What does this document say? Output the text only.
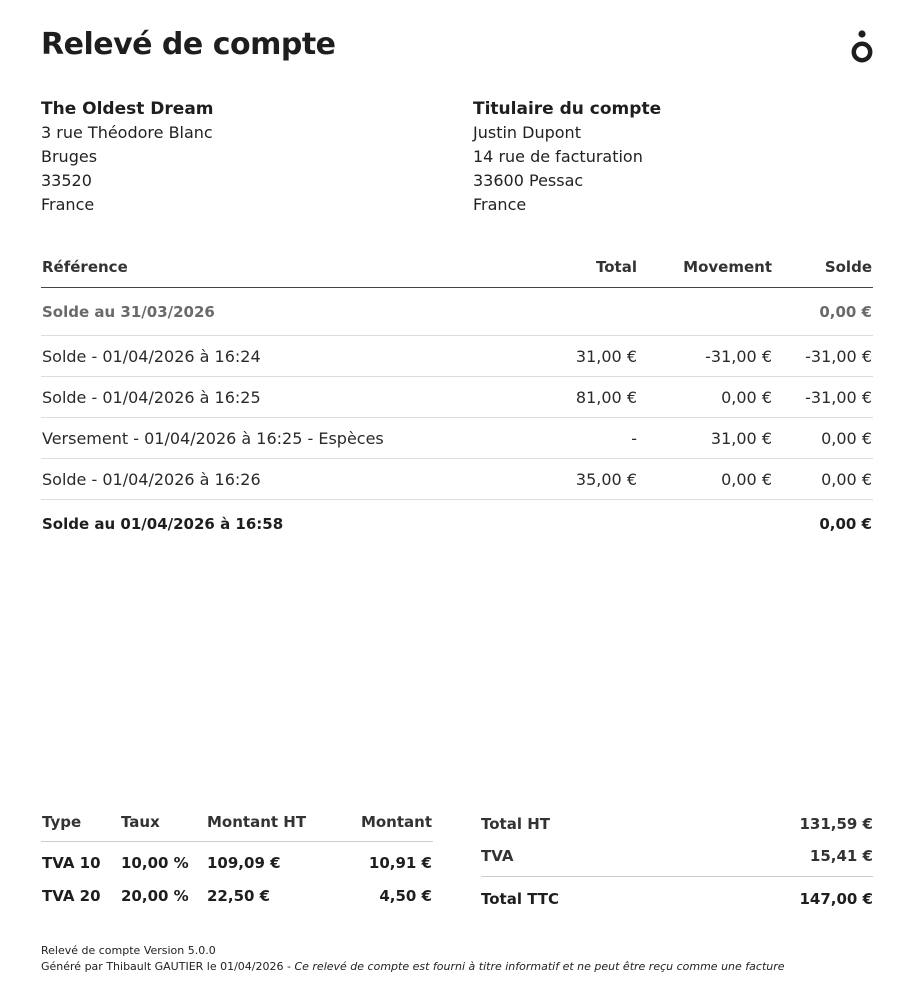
Relevé de compte
The Oldest Dream
3 rue Théodore Blanc
Bruges
33520
France
Titulaire du compte
Justin Dupont
14 rue de facturation
33600 Pessac
France
Référence	Total	Movement	Solde
Solde au 31/03/2026			0,00 €
Solde - 01/04/2026 à 16:24	31,00 €	-31,00 €	-31,00 €
Solde - 01/04/2026 à 16:25	81,00 €	0,00 €	-31,00 €
Versement - 01/04/2026 à 16:25 - Espèces	-	31,00 €	0,00 €
Solde - 01/04/2026 à 16:26	35,00 €	0,00 €	0,00 €
Solde au 01/04/2026 à 16:58			0,00 €
Type	Taux	Montant HT	Montant
TVA 10	10,00 %	109,09 €	10,91 €
TVA 20	20,00 %	22,50 €	4,50 €
Total HT	131,59 €
TVA	15,41 €
Total TTC	147,00 €
Relevé de compte Version 5.0.0
Généré par Thibault GAUTIER le 01/04/2026 - Ce relevé de compte est fourni à titre informatif et ne peut être reçu comme une facture
